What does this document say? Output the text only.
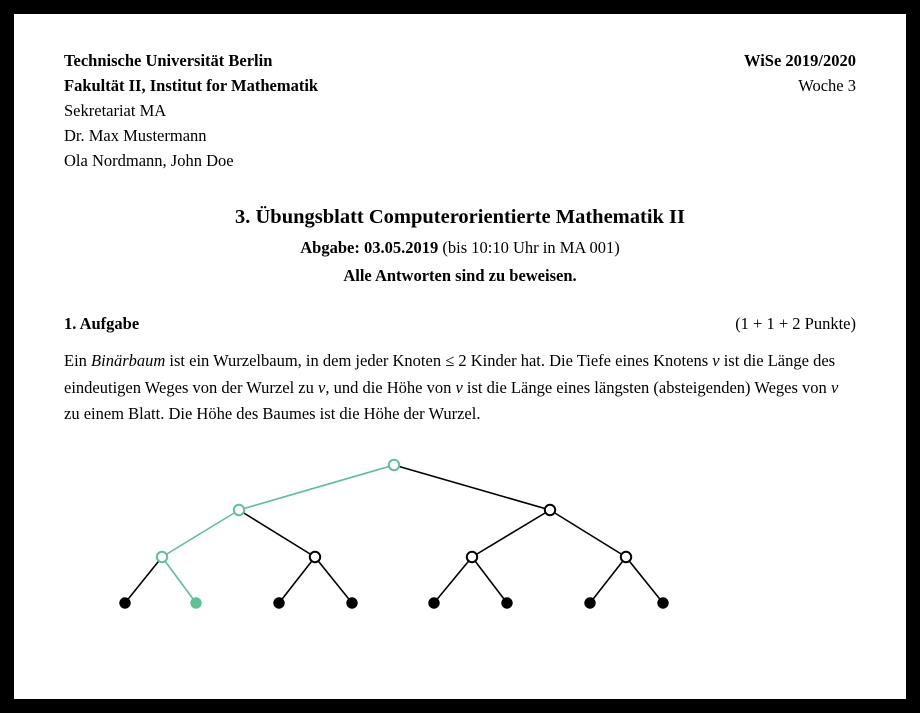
Technische Universität Berlin	WiSe 2019/2020
Fakultät II, Institut for Mathematik	Woche 3
Sekretariat MA
Dr. Max Mustermann
Ola Nordmann, John Doe
3. Übungsblatt Computerorientierte Mathematik II
Abgabe: 03.05.2019 (bis 10:10 Uhr in MA 001)
Alle Antworten sind zu beweisen.
1. Aufgabe	(1 + 1 + 2 Punkte)
Ein Binärbaum ist ein Wurzelbaum, in dem jeder Knoten ≤ 2 Kinder hat. Die Tiefe eines Knotens v ist die Länge des eindeutigen Weges von der Wurzel zu v, und die Höhe von v ist die Länge eines längsten (absteigenden) Weges von v zu einem Blatt. Die Höhe des Baumes ist die Höhe der Wurzel.
